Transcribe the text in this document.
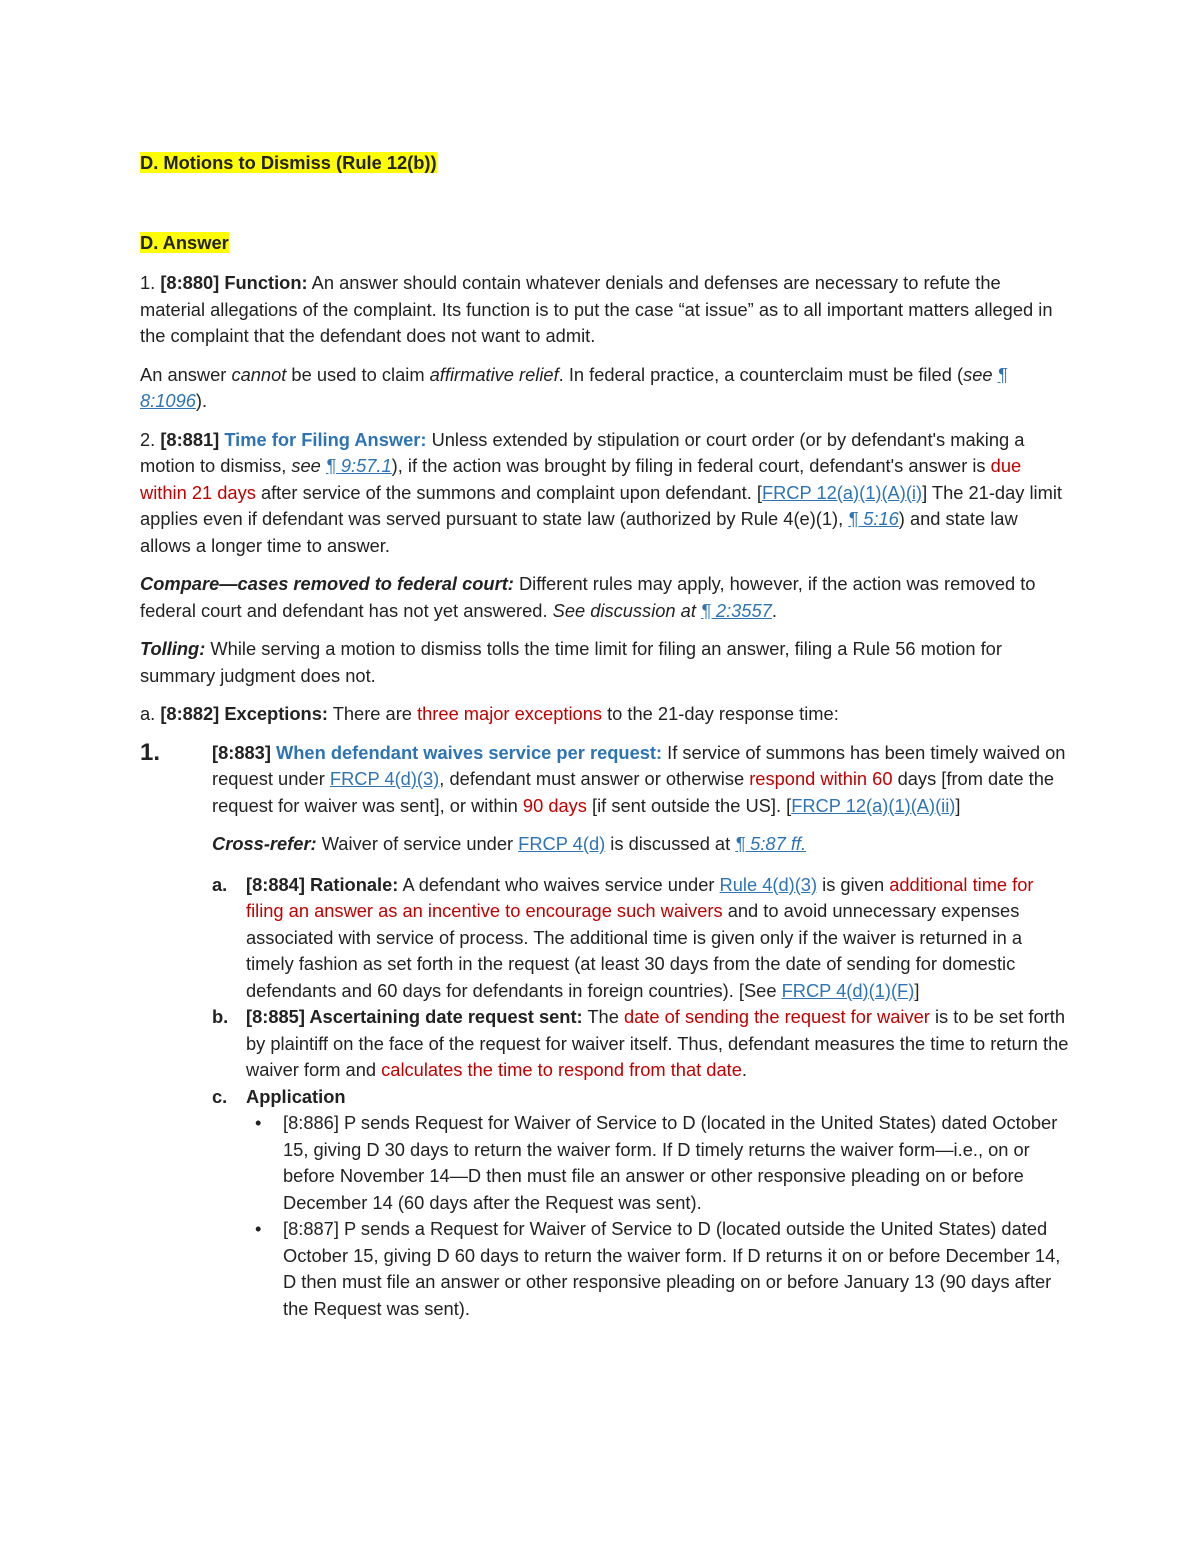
D. Motions to Dismiss (Rule 12(b))

D. Answer

1. [8:880] Function: An answer should contain whatever denials and defenses are necessary to refute the material allegations of the complaint. Its function is to put the case “at issue” as to all important matters alleged in the complaint that the defendant does not want to admit.

An answer cannot be used to claim affirmative relief. In federal practice, a counterclaim must be filed (see ¶ 8:1096).

2. [8:881] Time for Filing Answer: Unless extended by stipulation or court order (or by defendant's making a motion to dismiss, see ¶ 9:57.1), if the action was brought by filing in federal court, defendant's answer is due within 21 days after service of the summons and complaint upon defendant. [FRCP 12(a)(1)(A)(i)] The 21-day limit applies even if defendant was served pursuant to state law (authorized by Rule 4(e)(1), ¶ 5:16) and state law allows a longer time to answer.

Compare—cases removed to federal court: Different rules may apply, however, if the action was removed to federal court and defendant has not yet answered. See discussion at ¶ 2:3557.

Tolling: While serving a motion to dismiss tolls the time limit for filing an answer, filing a Rule 56 motion for summary judgment does not.

a. [8:882] Exceptions: There are three major exceptions to the 21-day response time:

1.	[8:883] When defendant waives service per request: If service of summons has been timely waived on request under FRCP 4(d)(3), defendant must answer or otherwise respond within 60 days [from date the request for waiver was sent], or within 90 days [if sent outside the US]. [FRCP 12(a)(1)(A)(ii)]
Cross-refer: Waiver of service under FRCP 4(d) is discussed at ¶ 5:87 ff.
a. [8:884] Rationale: A defendant who waives service under Rule 4(d)(3) is given additional time for filing an answer as an incentive to encourage such waivers and to avoid unnecessary expenses associated with service of process. The additional time is given only if the waiver is returned in a timely fashion as set forth in the request (at least 30 days from the date of sending for domestic defendants and 60 days for defendants in foreign countries). [See FRCP 4(d)(1)(F)]
b. [8:885] Ascertaining date request sent: The date of sending the request for waiver is to be set forth by plaintiff on the face of the request for waiver itself. Thus, defendant measures the time to return the waiver form and calculates the time to respond from that date.
c. Application
• [8:886] P sends Request for Waiver of Service to D (located in the United States) dated October 15, giving D 30 days to return the waiver form. If D timely returns the waiver form—i.e., on or before November 14—D then must file an answer or other responsive pleading on or before December 14 (60 days after the Request was sent).
• [8:887] P sends a Request for Waiver of Service to D (located outside the United States) dated October 15, giving D 60 days to return the waiver form. If D returns it on or before December 14, D then must file an answer or other responsive pleading on or before January 13 (90 days after the Request was sent).
